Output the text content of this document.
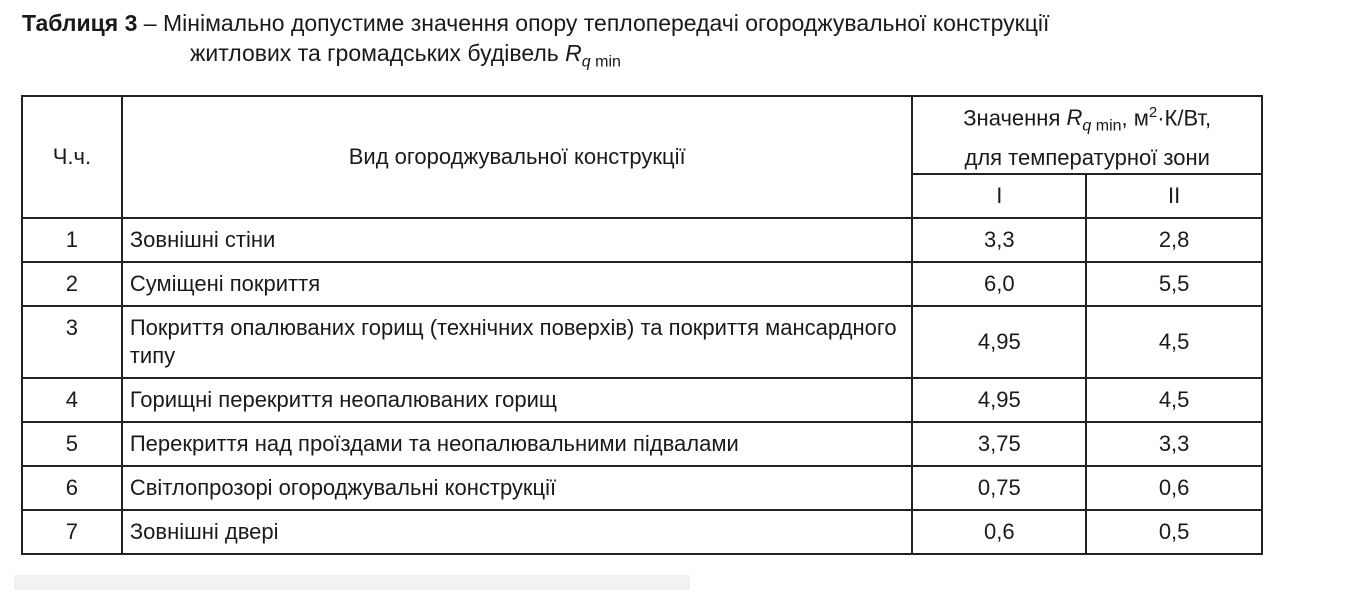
Таблиця 3 – Мінімально допустиме значення опору теплопередачі огороджувальної конструкції
житлових та громадських будівель $R_{q min}$
Ч.ч.	Вид огороджувальної конструкції	Значення $R_{q min}$, $м^2\cdot К/Вт$,
для температурної зони	
		I	II
1	Зовнішні стіни	3,3	2,8
2	Суміщені покриття	6,0	5,5
3	Покриття опалюваних горищ (технічних поверхів) та покриття мансардного типу	4,95	4,5
4	Горищні перекриття неопалюваних горищ	4,95	4,5
5	Перекриття над проїздами та неопалювальними підвалами	3,75	3,3
6	Світлопрозорі огороджувальні конструкції	0,75	0,6
7	Зовнішні двері	0,6	0,5
